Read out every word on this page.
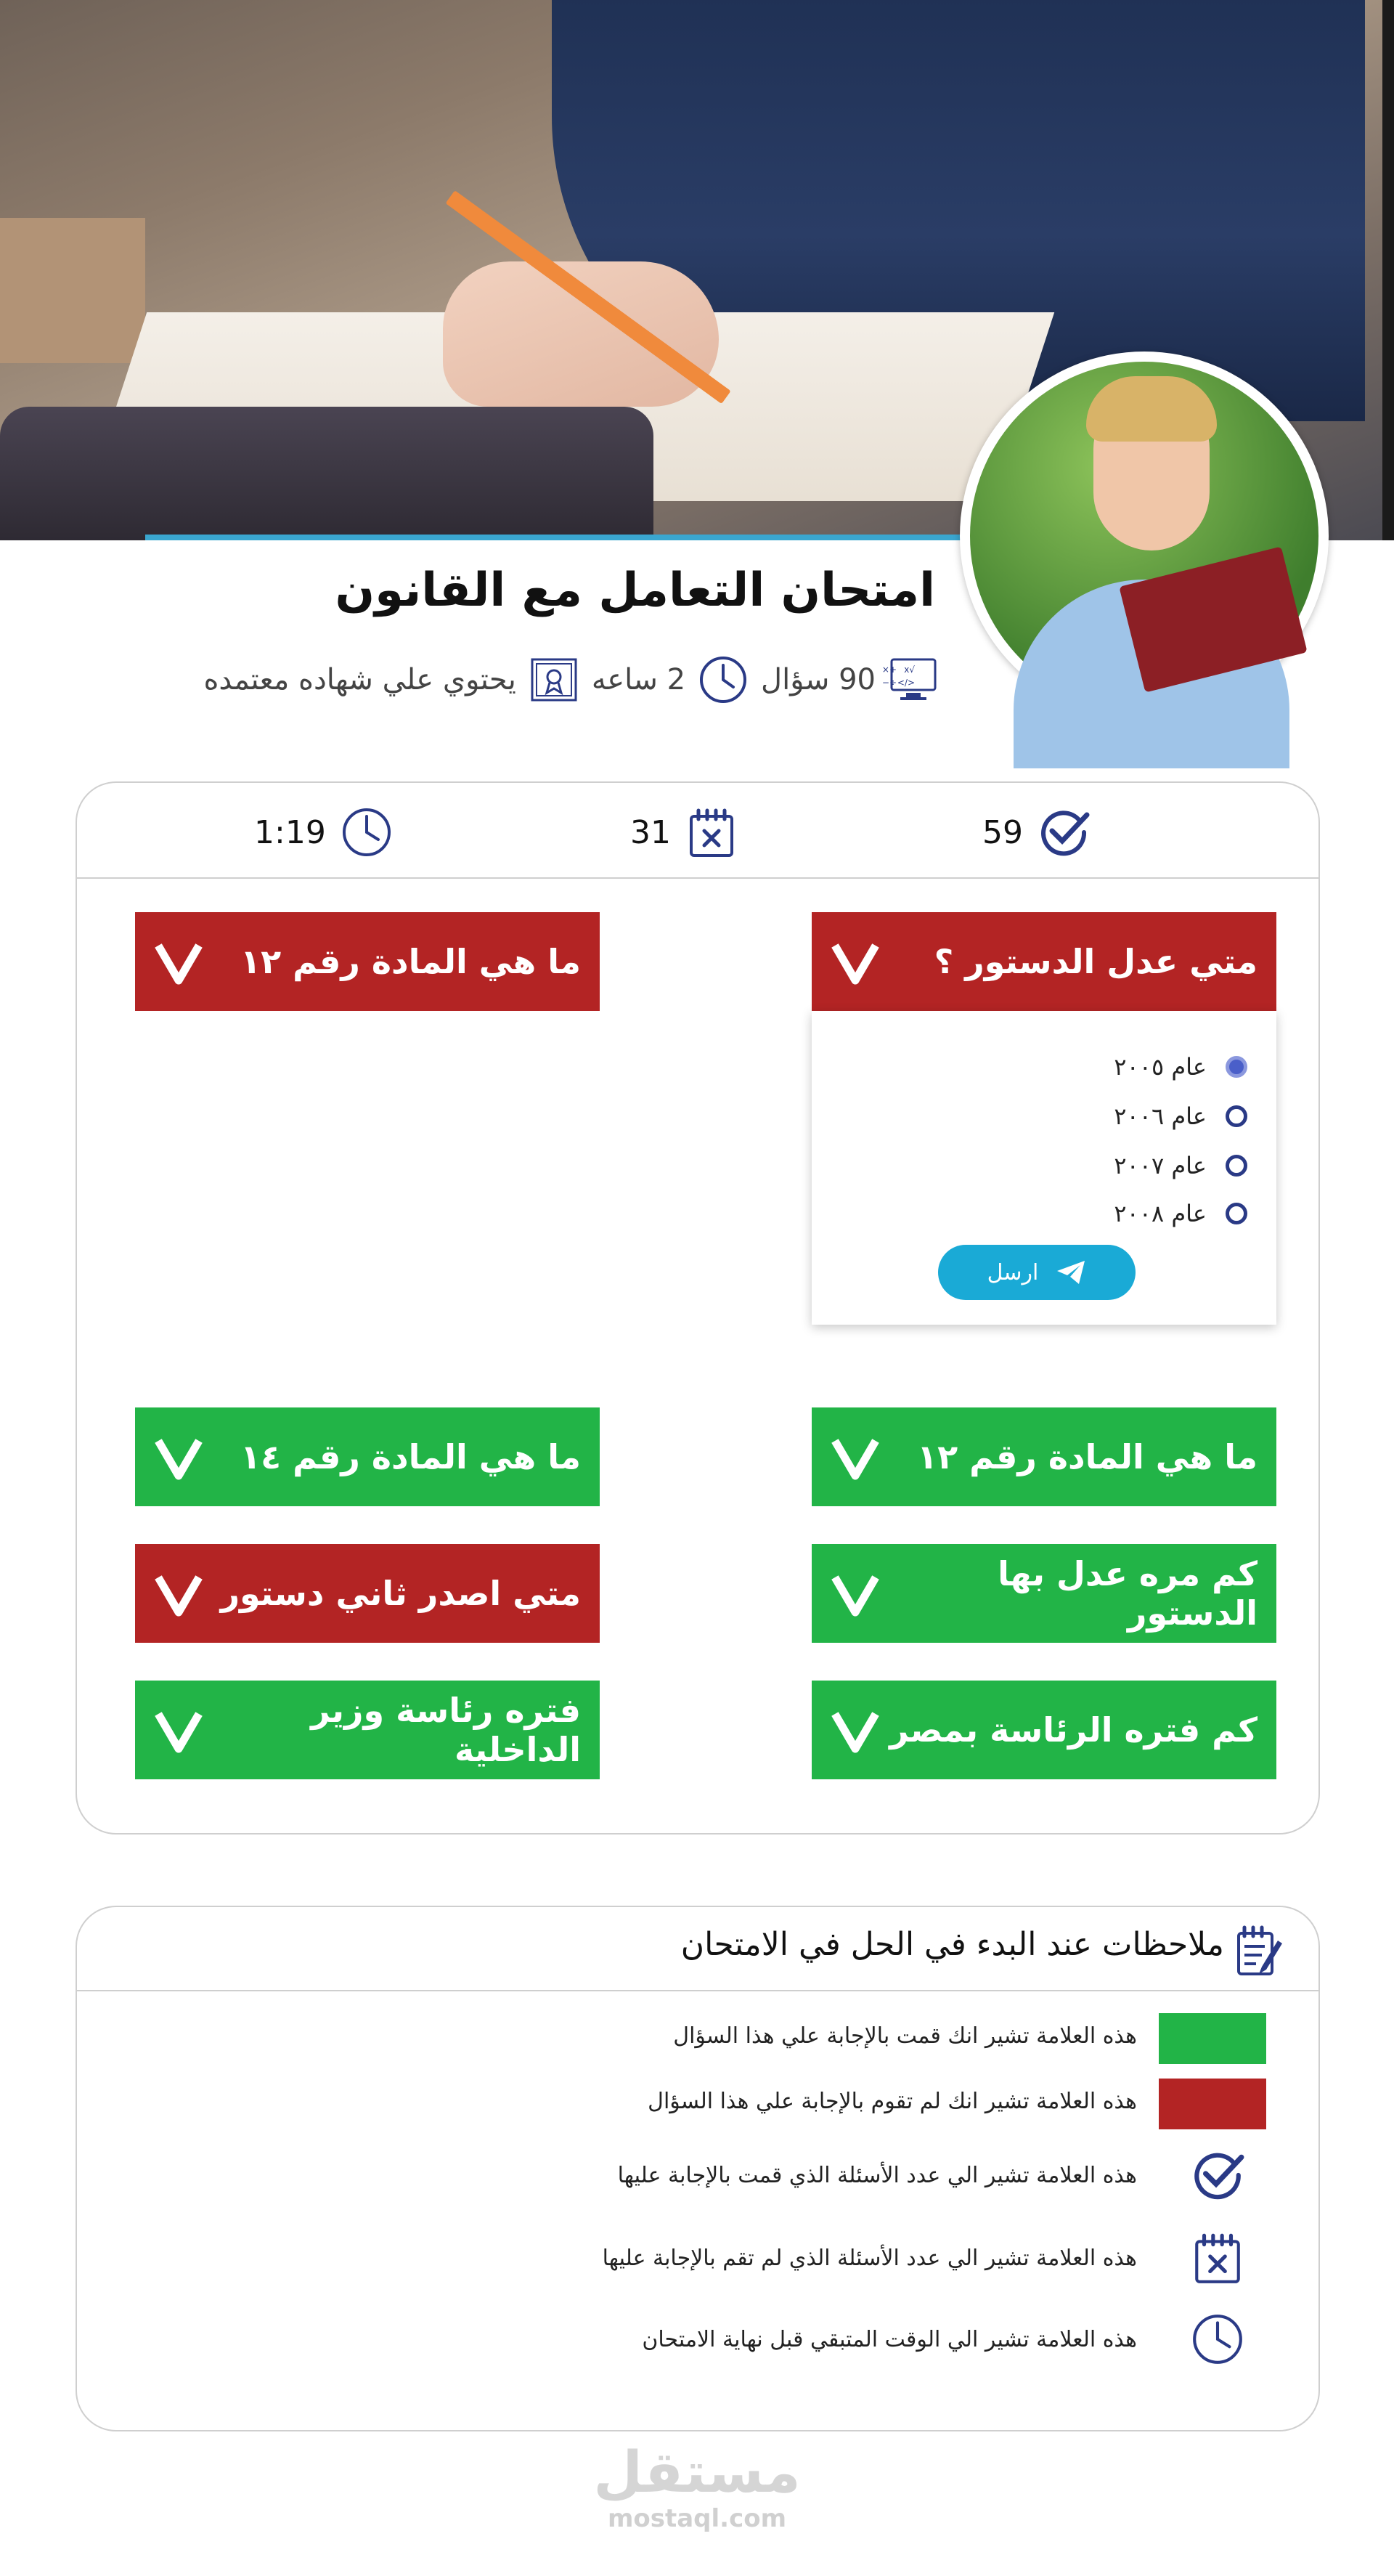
امتحان التعامل مع القانون
+× √x
÷− </>
90 سؤال
2 ساعه
يحتوي علي شهاده معتمده
59
31
1:19
متي عدل الدستور ؟
ما هي المادة رقم ١٢
عام ٢٠٠٥
عام ٢٠٠٦
عام ٢٠٠٧
عام ٢٠٠٨
ارسل
ما هي المادة رقم ١٢
ما هي المادة رقم ١٤
كم مره عدل بها الدستور
متي اصدر ثاني دستور
كم فتره الرئاسة بمصر
فتره رئاسة وزير الداخلية
ملاحظات عند البدء في الحل في الامتحان
هذه العلامة تشير انك قمت بالإجابة علي هذا السؤال
هذه العلامة تشير انك لم تقوم بالإجابة علي هذا السؤال
هذه العلامة تشير الي عدد الأسئلة الذي قمت بالإجابة عليها
هذه العلامة تشير الي عدد الأسئلة الذي لم تقم بالإجابة عليها
هذه العلامة تشير الي الوقت المتبقي قبل نهاية الامتحان
مستقل
mostaql.com
